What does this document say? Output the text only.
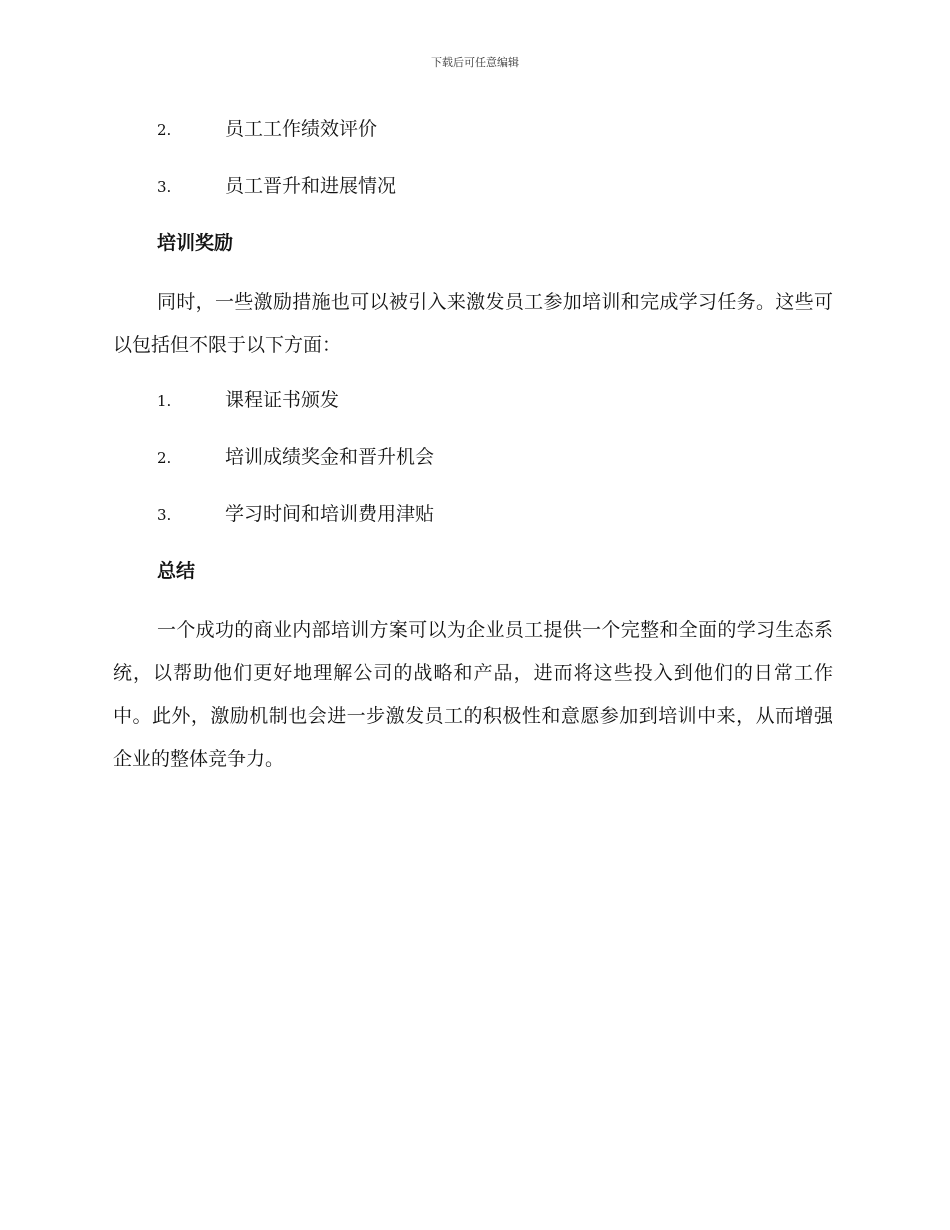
下载后可任意编辑
2.	员工工作绩效评价
3.	员工晋升和进展情况
培训奖励

同时，一些激励措施也可以被引入来激发员工参加培训和完成学习任务。这些可以包括但不限于以下方面：

1.	课程证书颁发
2.	培训成绩奖金和晋升机会
3.	学习时间和培训费用津贴
总结

一个成功的商业内部培训方案可以为企业员工提供一个完整和全面的学习生态系统，以帮助他们更好地理解公司的战略和产品，进而将这些投入到他们的日常工作中。此外，激励机制也会进一步激发员工的积极性和意愿参加到培训中来，从而增强企业的整体竞争力。
